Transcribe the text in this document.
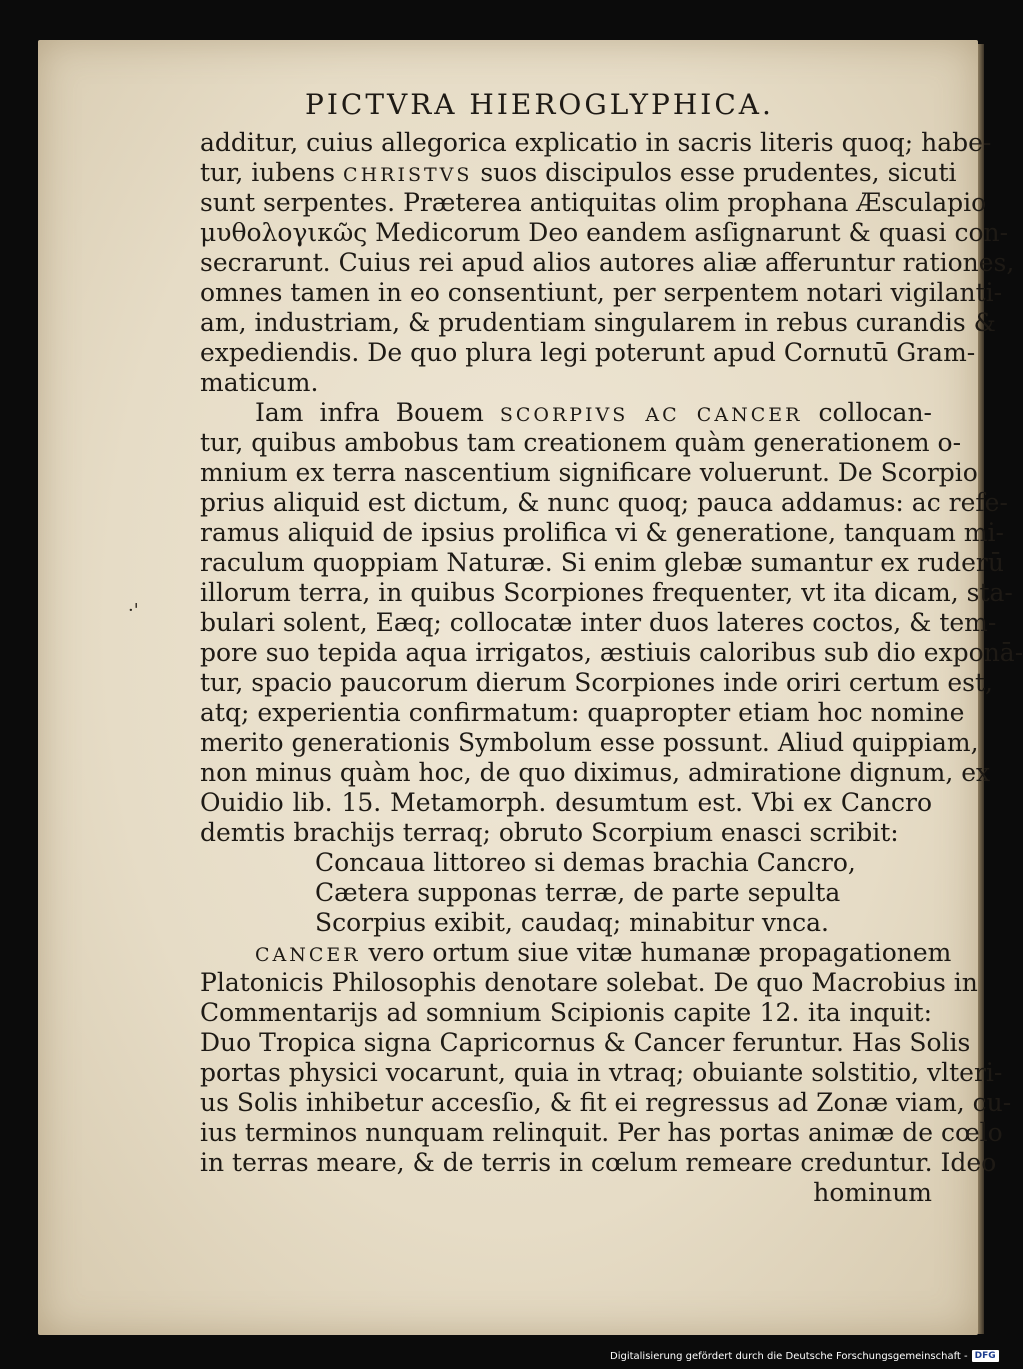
PICTVRA HIEROGLYPHICA.
·'
additur, cuius allegorica explicatio in sacris literis quoq; habe-
tur, iubens CHRISTVS suos discipulos esse prudentes, sicuti
sunt serpentes. Præterea antiquitas olim prophana Æsculapio
μυθολογικῶς Medicorum Deo eandem asſignarunt & quasi con-
secrarunt. Cuius rei apud alios autores aliæ afferuntur rationes,
omnes tamen in eo consentiunt, per serpentem notari vigilanti-
am, industriam, & prudentiam singularem in rebus curandis &
expediendis. De quo plura legi poterunt apud Cornutū Gram-
maticum.
Iam infra Bouem SCORPIVS AC CANCER collocan-
tur, quibus ambobus tam creationem quàm generationem o-
mnium ex terra nascentium significare voluerunt. De Scorpio
prius aliquid est dictum, & nunc quoq; pauca addamus: ac refe-
ramus aliquid de ipsius prolifica vi & generatione, tanquam mi-
raculum quoppiam Naturæ. Si enim glebæ sumantur ex ruderū
illorum terra, in quibus Scorpiones frequenter, vt ita dicam, sta-
bulari solent, Eæq; collocatæ inter duos lateres coctos, & tem-
pore suo tepida aqua irrigatos, æstiuis caloribus sub dio exponā-
tur, spacio paucorum dierum Scorpiones inde oriri certum est,
atq; experientia confirmatum: quapropter etiam hoc nomine
merito generationis Symbolum esse possunt. Aliud quippiam,
non minus quàm hoc, de quo diximus, admiratione dignum, ex
Ouidio lib. 15. Metamorph. desumtum est. Vbi ex Cancro
demtis brachijs terraq; obruto Scorpium enasci scribit:
Concaua littoreo si demas brachia Cancro,
Cætera supponas terræ, de parte sepulta
Scorpius exibit, caudaq; minabitur vnca.
CANCER vero ortum siue vitæ humanæ propagationem
Platonicis Philosophis denotare solebat. De quo Macrobius in
Commentarijs ad somnium Scipionis capite 12. ita inquit:
Duo Tropica signa Capricornus & Cancer feruntur. Has Solis
portas physici vocarunt, quia in vtraq; obuiante solstitio, vlteri-
us Solis inhibetur accesſio, & fit ei regressus ad Zonæ viam, cu-
ius terminos nunquam relinquit. Per has portas animæ de cœlo
in terras meare, & de terris in cœlum remeare creduntur. Ideo
hominum
Digitalisierung gefördert durch die Deutsche Forschungsgemeinschaft - DFG
